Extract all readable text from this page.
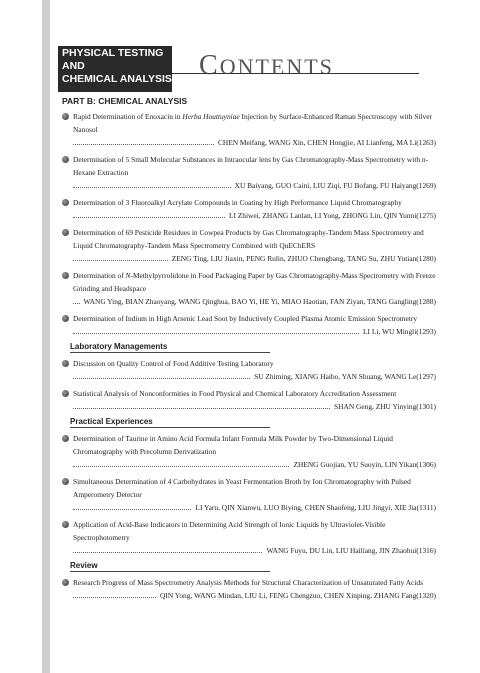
PHYSICAL TESTING
AND
CHEMICAL ANALYSIS CONTENTS
PART B: CHEMICAL ANALYSIS
Rapid Determination of Enoxacin in Herba Houttuyniae Injection by Surface-Enhanced Raman Spectroscopy with Silver Nanosol
CHEN Meifang, WANG Xin, CHEN Hongjie, AI Lianfeng, MA Li(1263)
Determination of 5 Small Molecular Substances in Intraocular lens by Gas Chromatography-Mass Spectrometry with n-Hexane Extraction
XU Baiyang, GUO Caini, LIU Ziqi, FU Bofang, FU Haiyang(1269)
Determination of 3 Fluoroalkyl Acrylate Compounds in Coating by High Performance Liquid Chromatography
LI Zhiwei, ZHANG Lanlan, LI Yong, ZHONG Lin, QIN Yunni(1275)
Determination of 69 Pesticide Residues in Cowpea Products by Gas Chromatography-Tandem Mass Spectrometry and Liquid Chromatography-Tandem Mass Spectrometry Combined with QuEChERS
ZENG Ting, LIU Jiaxin, PENG Rulin, ZHUO Chengbang, TANG Su, ZHU Yutian(1280)
Determination of N-Methylpyrrolidone in Food Packaging Paper by Gas Chromatography-Mass Spectrometry with Freeze Grinding and Headspace
WANG Ying, BIAN Zhaoyang, WANG Qinghua, BAO Yi, HE Yi, MIAO Haotian, FAN Ziyan, TANG Gangling(1288)
Determination of Indium in High Arsenic Lead Soot by Inductively Coupled Plasma Atomic Emission Spectrometry
LI Li, WU Mingli(1293)
Laboratory Managements
Discussion on Quality Control of Food Additive Testing Laboratory
SU Zhiming, XIANG Haibo, YAN Shuang, WANG Le(1297)
Statistical Analysis of Nonconformities in Food Physical and Chemical Laboratory Accreditation Assessment
SHAN Geng, ZHU Yinying(1301)
Practical Experiences
Determination of Taurine in Amino Acid Formula Infant Formula Milk Powder by Two-Dimensional Liquid Chromatography with Precolumn Derivatization
ZHENG Guojian, YU Suoyin, LIN Yikan(1306)
Simultaneous Determination of 4 Carbohydrates in Yeast Fermentation Broth by Ion Chromatography with Pulsed Amperometry Detector
LI Yaru, QIN Xianwu, LUO Biying, CHEN Shaofeng, LIU Jingyi, XIE Jia(1311)
Application of Acid-Base Indicators in Determining Acid Strength of Ionic Liquids by Ultraviolet-Visible Spectrophotometry
WANG Fuyu, DU Lin, LIU Hailiang, JIN Zhaohui(1316)
Review
Research Progress of Mass Spectrometry Analysis Methods for Structural Characterization of Unsaturated Fatty Acids
QIN Yong, WANG Mindan, LIU Li, FENG Chengzuo, CHEN Xinping, ZHANG Fang(1320)
